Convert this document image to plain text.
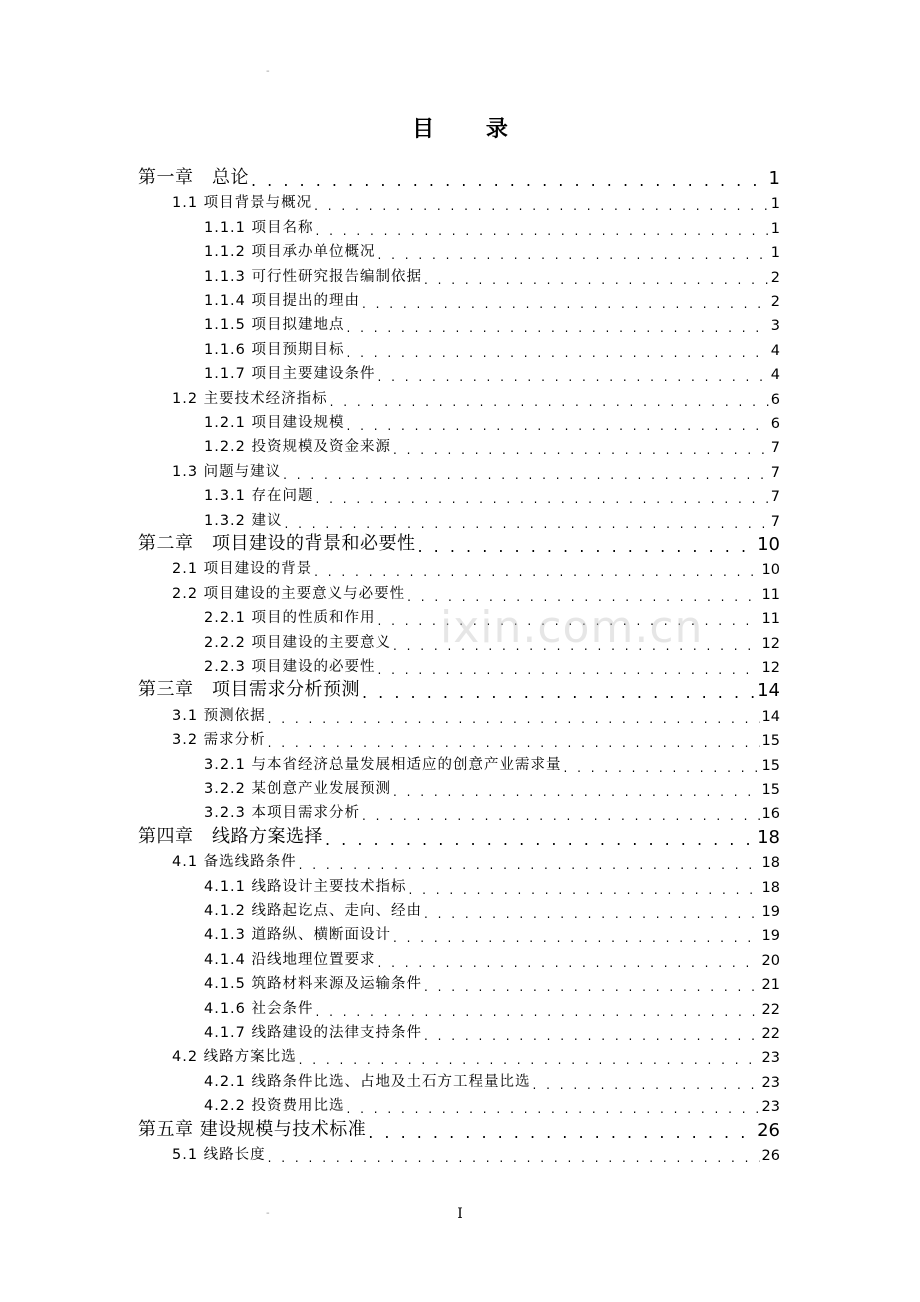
-
目 录
第一章　总论 . . .	1
1.1 项目背景与概况 . . .	1
1.1.1 项目名称 . . .	1
1.1.2 项目承办单位概况 . . .	1
1.1.3 可行性研究报告编制依据 . . .	2
1.1.4 项目提出的理由 . . .	2
1.1.5 项目拟建地点 . . .	3
1.1.6 项目预期目标 . . .	4
1.1.7 项目主要建设条件 . . .	4
1.2 主要技术经济指标 . . .	6
1.2.1 项目建设规模 . . .	6
1.2.2 投资规模及资金来源 . . .	7
1.3 问题与建议 . . .	7
1.3.1 存在问题 . . .	7
1.3.2 建议 . . .	7
第二章　项目建设的背景和必要性 . . .	10
2.1 项目建设的背景 . . .	10
2.2 项目建设的主要意义与必要性 . . .	11
2.2.1 项目的性质和作用 . . .	11
2.2.2 项目建设的主要意义 . . .	12
2.2.3 项目建设的必要性 . . .	12
第三章　项目需求分析预测 . . .	14
3.1 预测依据 . . .	14
3.2 需求分析 . . .	15
3.2.1 与本省经济总量发展相适应的创意产业需求量 . . .	15
3.2.2 某创意产业发展预测 . . .	15
3.2.3 本项目需求分析 . . .	16
第四章　线路方案选择 . . .	18
4.1 备选线路条件 . . .	18
4.1.1 线路设计主要技术指标 . . .	18
4.1.2 线路起讫点、走向、经由 . . .	19
4.1.3 道路纵、横断面设计 . . .	19
4.1.4 沿线地理位置要求 . . .	20
4.1.5 筑路材料来源及运输条件 . . .	21
4.1.6 社会条件 . . .	22
4.1.7 线路建设的法律支持条件 . . .	22
4.2 线路方案比选 . . .	23
4.2.1 线路条件比选、占地及土石方工程量比选 . . .	23
4.2.2 投资费用比选 . . .	23
第五章 建设规模与技术标准 . . .	26
5.1 线路长度 . . .	26
ixin.com.cn
-	I
